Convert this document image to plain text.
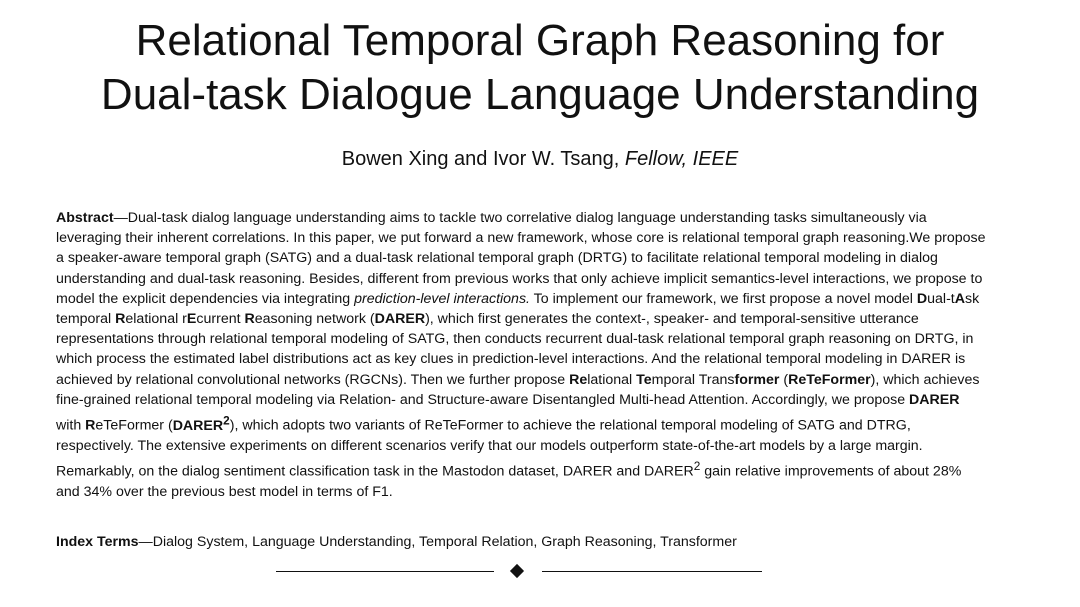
Relational Temporal Graph Reasoning for
Dual-task Dialogue Language Understanding
Bowen Xing and Ivor W. Tsang, Fellow, IEEE
Abstract—Dual-task dialog language understanding aims to tackle two correlative dialog language understanding tasks simultaneously via leveraging their inherent correlations. In this paper, we put forward a new framework, whose core is relational temporal graph reasoning.We propose a speaker-aware temporal graph (SATG) and a dual-task relational temporal graph (DRTG) to facilitate relational temporal modeling in dialog understanding and dual-task reasoning. Besides, different from previous works that only achieve implicit semantics-level interactions, we propose to model the explicit dependencies via integrating prediction-level interactions. To implement our framework, we first propose a novel model Dual-tAsk temporal Relational rEcurrent Reasoning network (DARER), which first generates the context-, speaker- and temporal-sensitive utterance representations through relational temporal modeling of SATG, then conducts recurrent dual-task relational temporal graph reasoning on DRTG, in which process the estimated label distributions act as key clues in prediction-level interactions. And the relational temporal modeling in DARER is achieved by relational convolutional networks (RGCNs). Then we further propose Relational Temporal Transformer (ReTeFormer), which achieves fine-grained relational temporal modeling via Relation- and Structure-aware Disentangled Multi-head Attention. Accordingly, we propose DARER with ReTeFormer (DARER$^2$), which adopts two variants of ReTeFormer to achieve the relational temporal modeling of SATG and DTRG, respectively. The extensive experiments on different scenarios verify that our models outperform state-of-the-art models by a large margin. Remarkably, on the dialog sentiment classification task in the Mastodon dataset, DARER and DARER$^2$ gain relative improvements of about 28% and 34% over the previous best model in terms of F1.
Index Terms—Dialog System, Language Understanding, Temporal Relation, Graph Reasoning, Transformer
